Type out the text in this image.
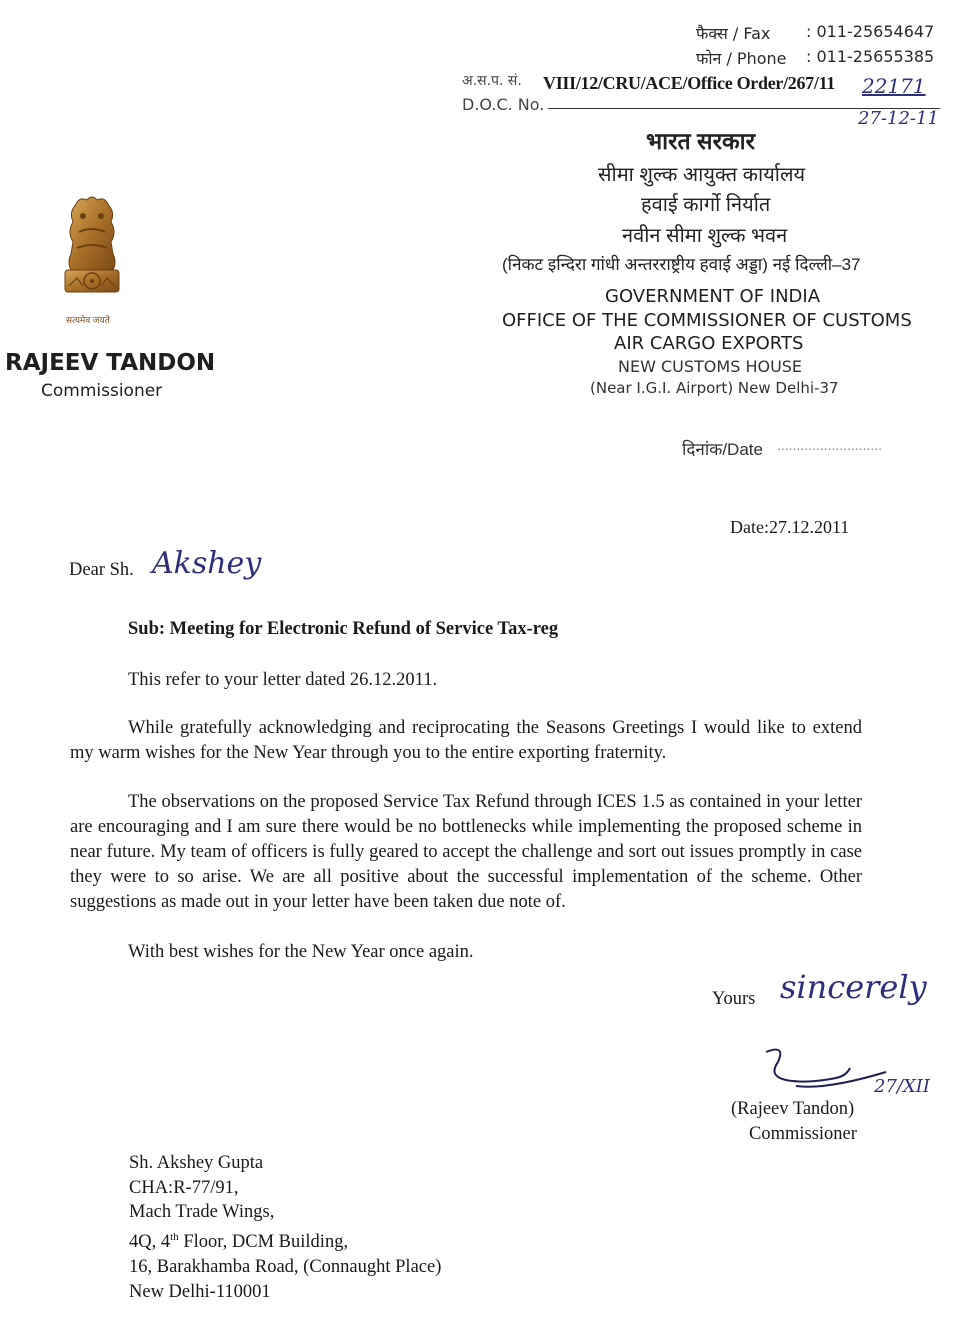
फैक्स / Fax : 011-25654647
फोन / Phone : 011-25655385
अ.स.प. सं.
D.O.C. No.
VIII/12/CRU/ACE/Office Order/267/11 22171
27-12-11
भारत सरकार
सीमा शुल्क आयुक्त कार्यालय
हवाई कार्गो निर्यात
नवीन सीमा शुल्क भवन
(निकट इन्दिरा गांधी अन्तरराष्ट्रीय हवाई अड्डा) नई दिल्ली–37
GOVERNMENT OF INDIA
OFFICE OF THE COMMISSIONER OF CUSTOMS
AIR CARGO EXPORTS
NEW CUSTOMS HOUSE
(Near I.G.I. Airport) New Delhi-37
सत्यमेव जयते
RAJEEV TANDON
Commissioner
दिनांक/Date ...........................
Date:27.12.2011
Dear Sh. Akshey
Sub: Meeting for Electronic Refund of Service Tax-reg
This refer to your letter dated 26.12.2011.
While gratefully acknowledging and reciprocating the Seasons Greetings I would like to extend my warm wishes for the New Year through you to the entire exporting fraternity.
The observations on the proposed Service Tax Refund through ICES 1.5 as contained in your letter are encouraging and I am sure there would be no bottlenecks while implementing the proposed scheme in near future. My team of officers is fully geared to accept the challenge and sort out issues promptly in case they were to so arise. We are all positive about the successful implementation of the scheme. Other suggestions as made out in your letter have been taken due note of.
With best wishes for the New Year once again.
Yours sincerely
27/XII
(Rajeev Tandon)
Commissioner
Sh. Akshey Gupta
CHA:R-77/91,
Mach Trade Wings,
4Q, 4th Floor, DCM Building,
16, Barakhamba Road, (Connaught Place)
New Delhi-110001
